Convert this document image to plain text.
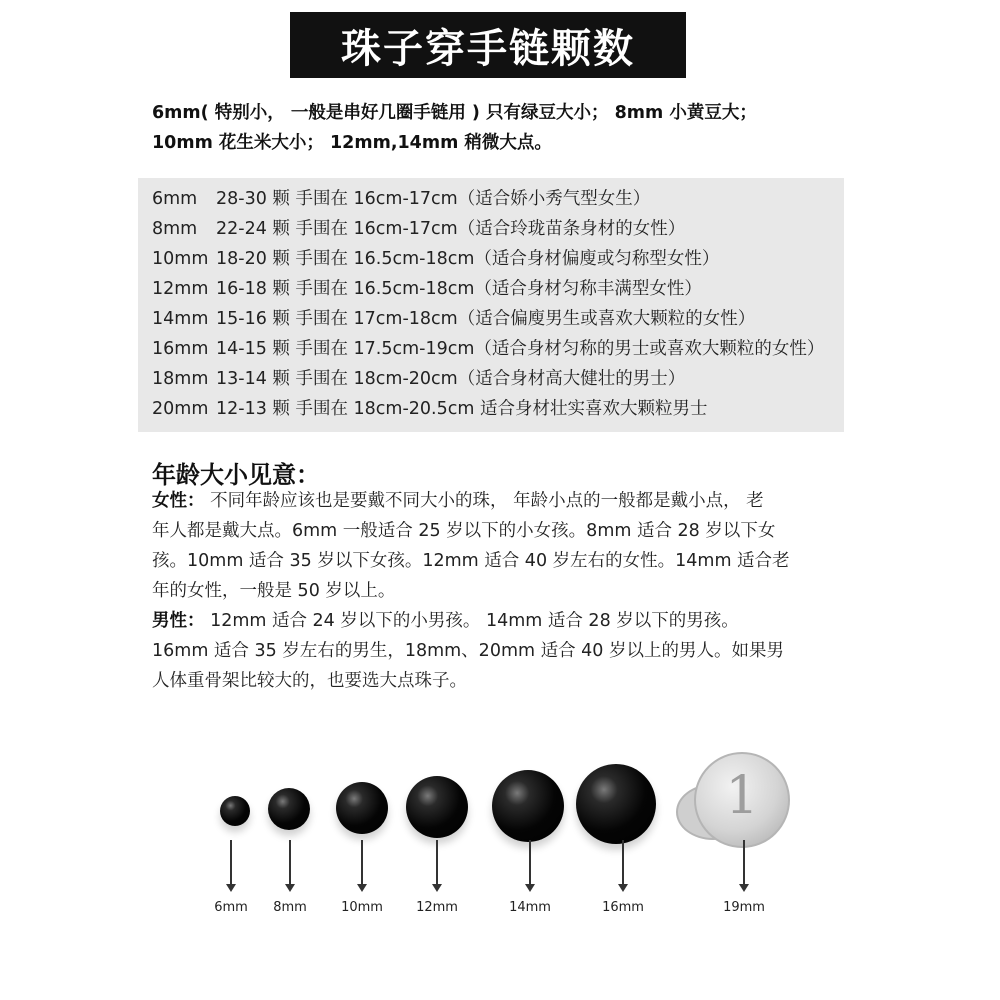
珠子穿手链颗数
6mm( 特别小， 一般是串好几圈手链用 ) 只有绿豆大小； 8mm 小黄豆大；
10mm 花生米大小； 12mm,14mm 稍微大点。
6mm 28-30 颗 手围在 16cm-17cm（适合娇小秀气型女生）
8mm 22-24 颗 手围在 16cm-17cm（适合玲珑苗条身材的女性）
10mm 18-20 颗 手围在 16.5cm-18cm（适合身材偏廋或匀称型女性）
12mm 16-18 颗 手围在 16.5cm-18cm（适合身材匀称丰满型女性）
14mm 15-16 颗 手围在 17cm-18cm（适合偏廋男生或喜欢大颗粒的女性）
16mm 14-15 颗 手围在 17.5cm-19cm（适合身材匀称的男士或喜欢大颗粒的女性）
18mm 13-14 颗 手围在 18cm-20cm（适合身材高大健壮的男士）
20mm 12-13 颗 手围在 18cm-20.5cm 适合身材壮实喜欢大颗粒男士
年龄大小见意：
女性： 不同年龄应该也是要戴不同大小的珠， 年龄小点的一般都是戴小点， 老
年人都是戴大点。6mm 一般适合 25 岁以下的小女孩。8mm 适合 28 岁以下女
孩。10mm 适合 35 岁以下女孩。12mm 适合 40 岁左右的女性。14mm 适合老
年的女性，一般是 50 岁以上。
男性： 12mm 适合 24 岁以下的小男孩。 14mm 适合 28 岁以下的男孩。
16mm 适合 35 岁左右的男生，18mm、20mm 适合 40 岁以上的男人。如果男
人体重骨架比较大的，也要选大点珠子。
1
6mm	8mm	10mm	12mm	14mm	16mm	19mm
